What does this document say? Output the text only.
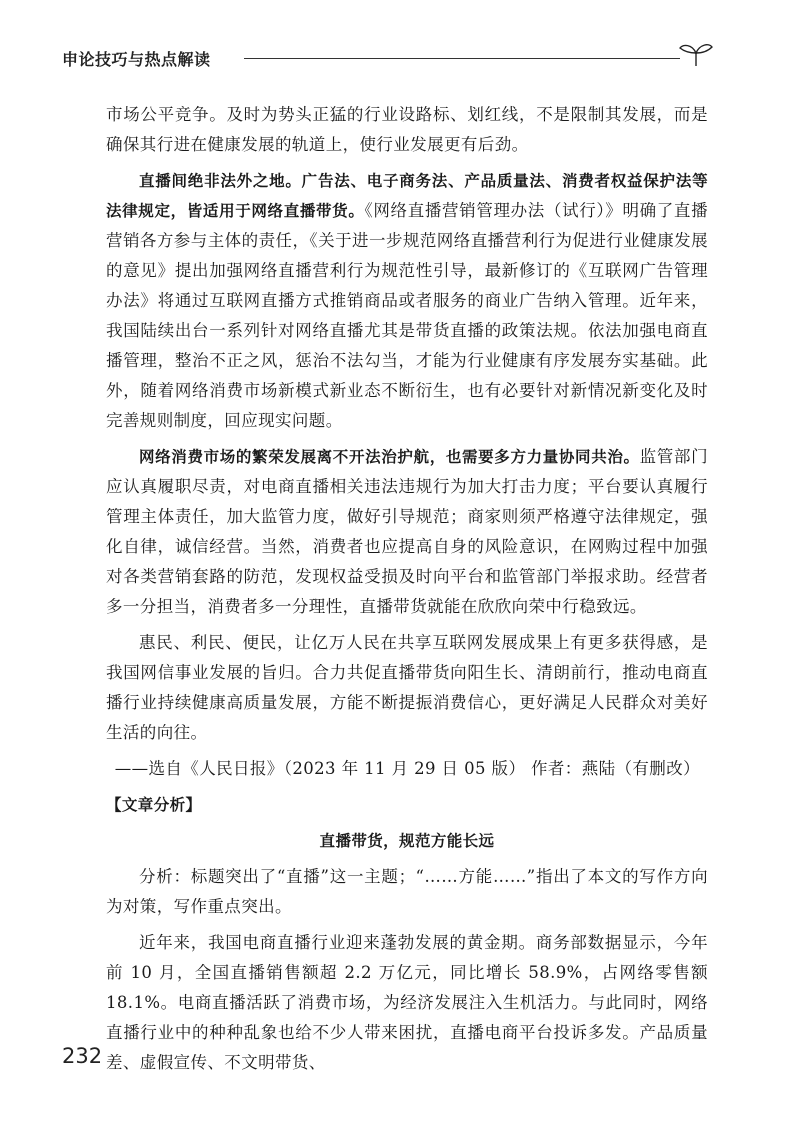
申论技巧与热点解读

市场公平竞争。及时为势头正猛的行业设路标、划红线，不是限制其发展，而是确保其行进在健康发展的轨道上，使行业发展更有后劲。

直播间绝非法外之地。广告法、电子商务法、产品质量法、消费者权益保护法等法律规定，皆适用于网络直播带货。《网络直播营销管理办法（试行）》明确了直播营销各方参与主体的责任，《关于进一步规范网络直播营利行为促进行业健康发展的意见》提出加强网络直播营利行为规范性引导，最新修订的《互联网广告管理办法》将通过互联网直播方式推销商品或者服务的商业广告纳入管理。近年来，我国陆续出台一系列针对网络直播尤其是带货直播的政策法规。依法加强电商直播管理，整治不正之风，惩治不法勾当，才能为行业健康有序发展夯实基础。此外，随着网络消费市场新模式新业态不断衍生，也有必要针对新情况新变化及时完善规则制度，回应现实问题。

网络消费市场的繁荣发展离不开法治护航，也需要多方力量协同共治。监管部门应认真履职尽责，对电商直播相关违法违规行为加大打击力度；平台要认真履行管理主体责任，加大监管力度，做好引导规范；商家则须严格遵守法律规定，强化自律，诚信经营。当然，消费者也应提高自身的风险意识，在网购过程中加强对各类营销套路的防范，发现权益受损及时向平台和监管部门举报求助。经营者多一分担当，消费者多一分理性，直播带货就能在欣欣向荣中行稳致远。

惠民、利民、便民，让亿万人民在共享互联网发展成果上有更多获得感，是我国网信事业发展的旨归。合力共促直播带货向阳生长、清朗前行，推动电商直播行业持续健康高质量发展，方能不断提振消费信心，更好满足人民群众对美好生活的向往。

——选自《人民日报》（2023 年 11 月 29 日 05 版） 作者：燕陆（有删改）

【文章分析】

直播带货，规范方能长远

分析：标题突出了“直播”这一主题；“……方能……”指出了本文的写作方向为对策，写作重点突出。

近年来，我国电商直播行业迎来蓬勃发展的黄金期。商务部数据显示，今年前 10 月，全国直播销售额超 2.2 万亿元，同比增长 58.9%，占网络零售额 18.1%。电商直播活跃了消费市场，为经济发展注入生机活力。与此同时，网络直播行业中的种种乱象也给不少人带来困扰，直播电商平台投诉多发。产品质量差、虚假宣传、不文明带货、

232
